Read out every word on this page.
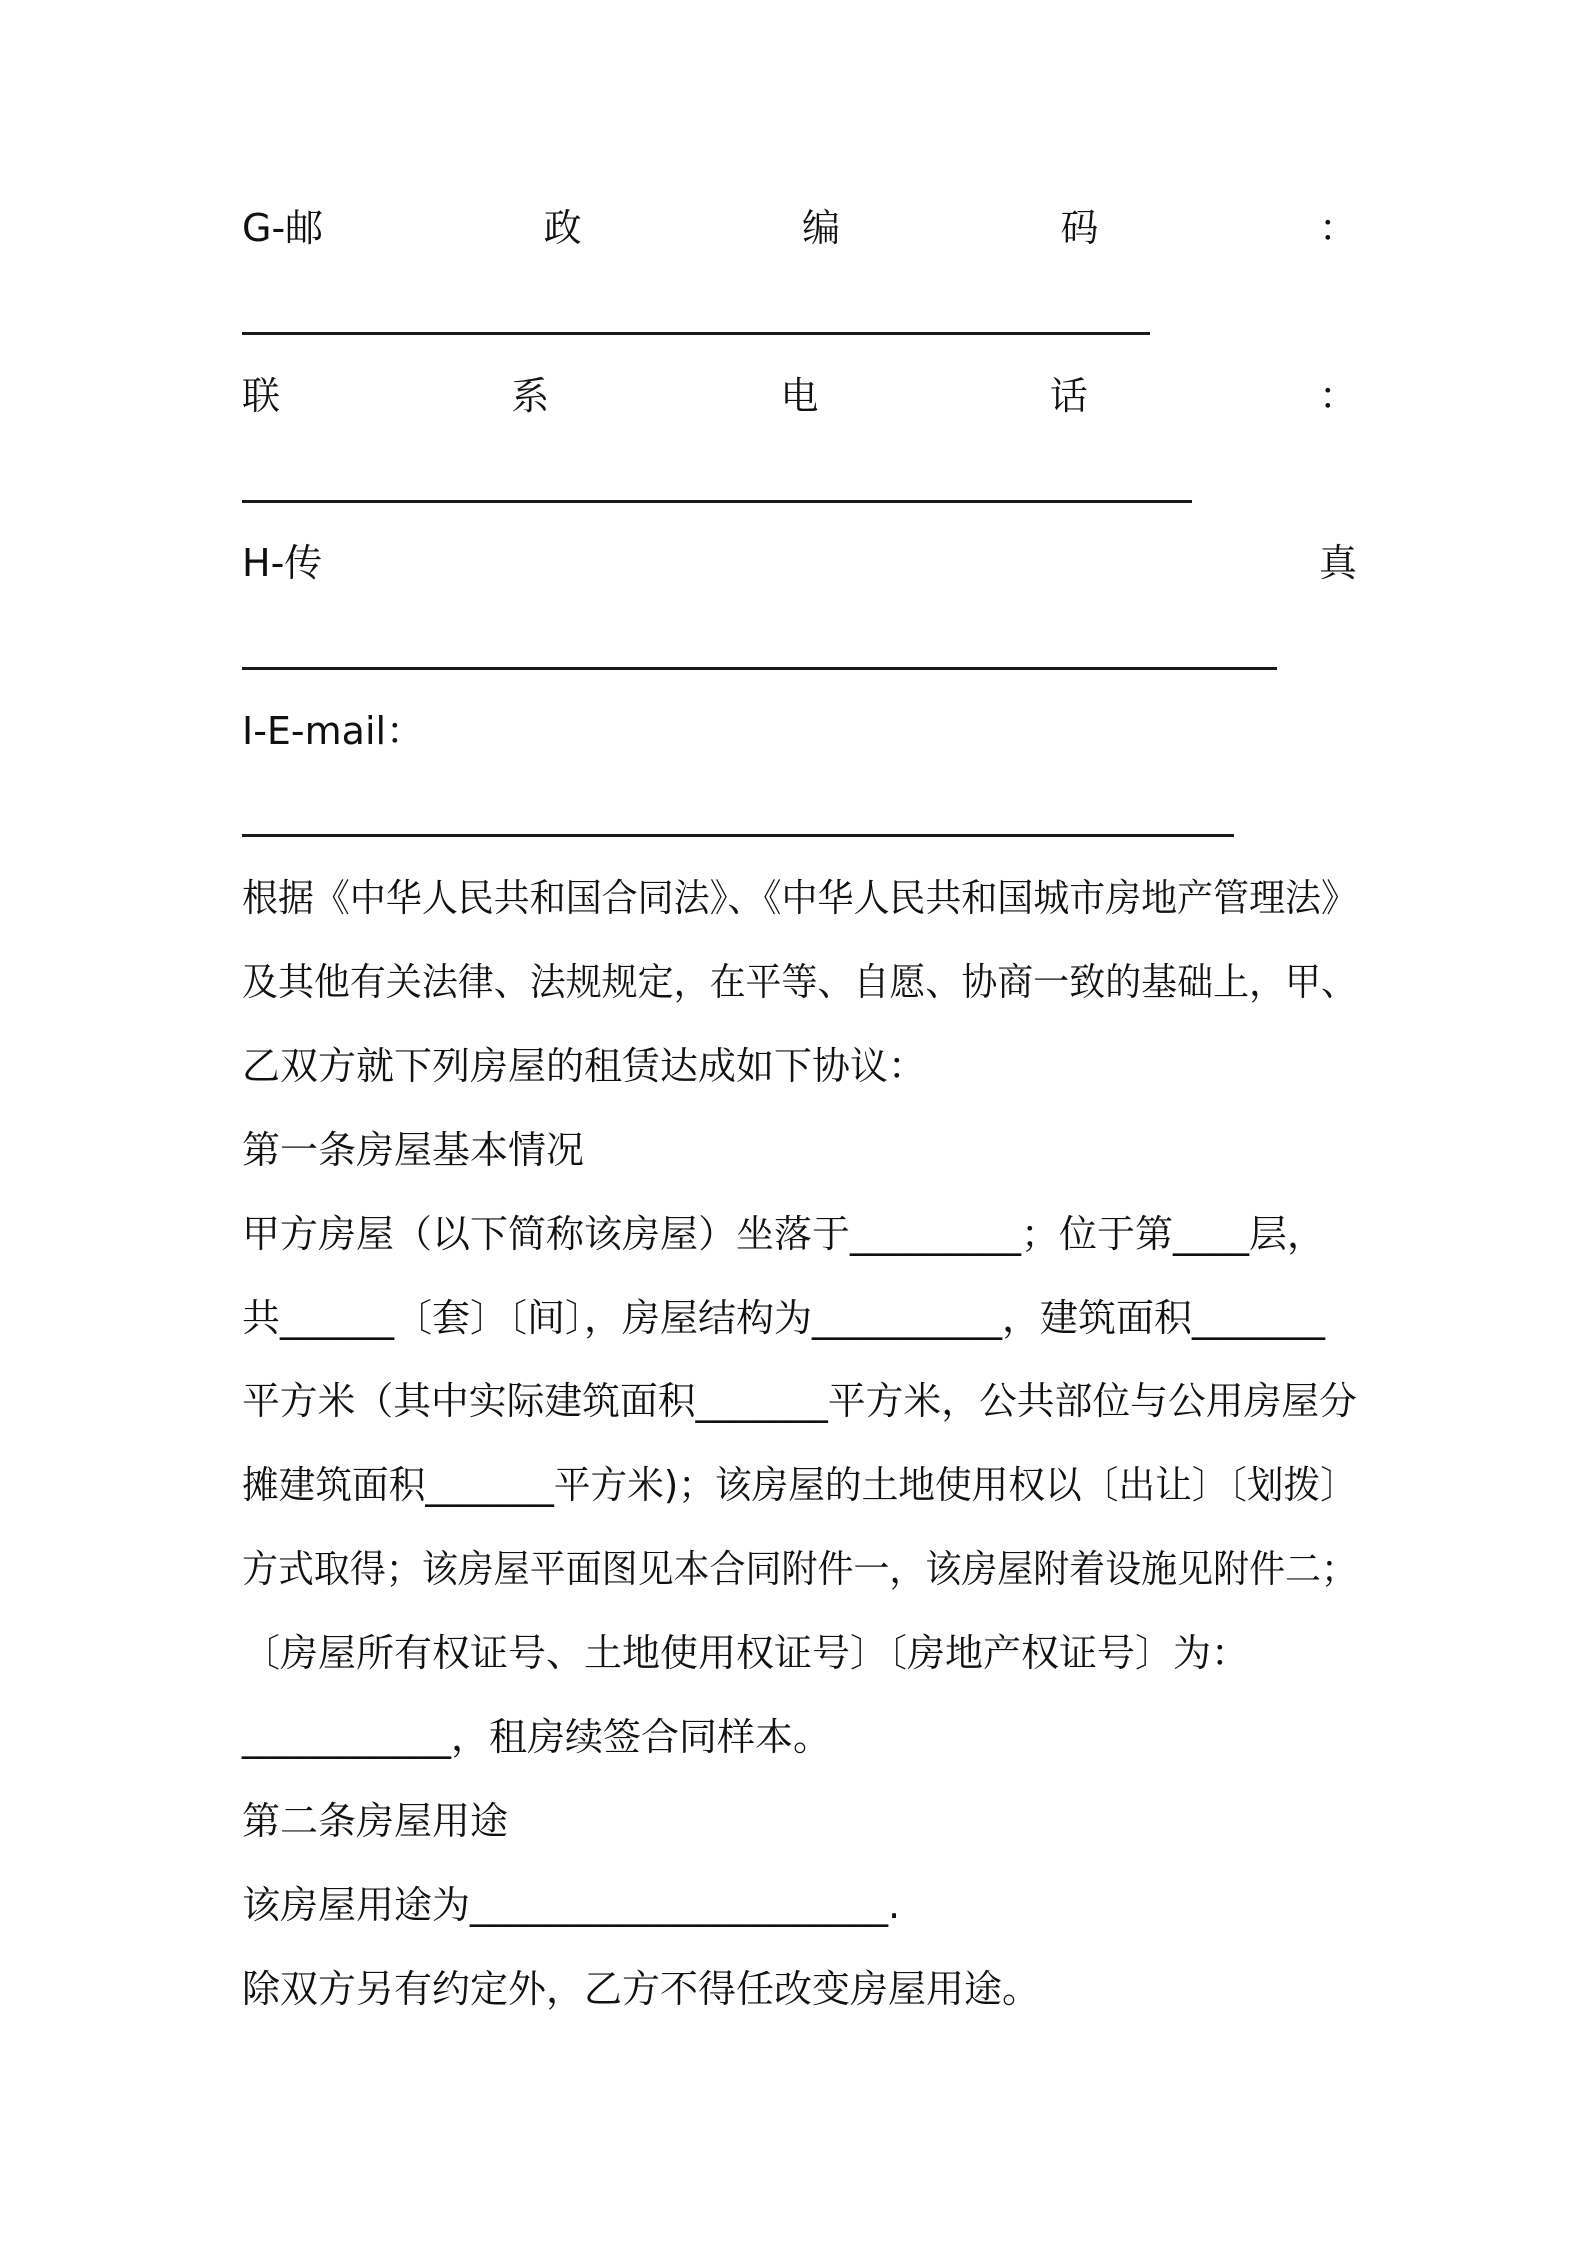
G-邮	政	编	码	：
联	系	电	话	：
H-传	真
I-E-mail：
根据《中华人民共和国合同法》、《中华人民共和国城市房地产管理法》
及其他有关法律、法规规定，在平等、自愿、协商一致的基础上，甲、
乙双方就下列房屋的租赁达成如下协议：
第一条房屋基本情况
甲方房屋（以下简称该房屋）坐落于_________；位于第____层，
共______〔套〕〔间〕，房屋结构为__________，建筑面积_______
平方米（其中实际建筑面积_______平方米，公共部位与公用房屋分
摊建筑面积_______平方米)；该房屋的土地使用权以〔出让〕〔划拨〕
方式取得；该房屋平面图见本合同附件一，该房屋附着设施见附件二；
〔房屋所有权证号、土地使用权证号〕〔房地产权证号〕为：
___________，租房续签合同样本。
第二条房屋用途
该房屋用途为______________________.
除双方另有约定外，乙方不得任改变房屋用途。
